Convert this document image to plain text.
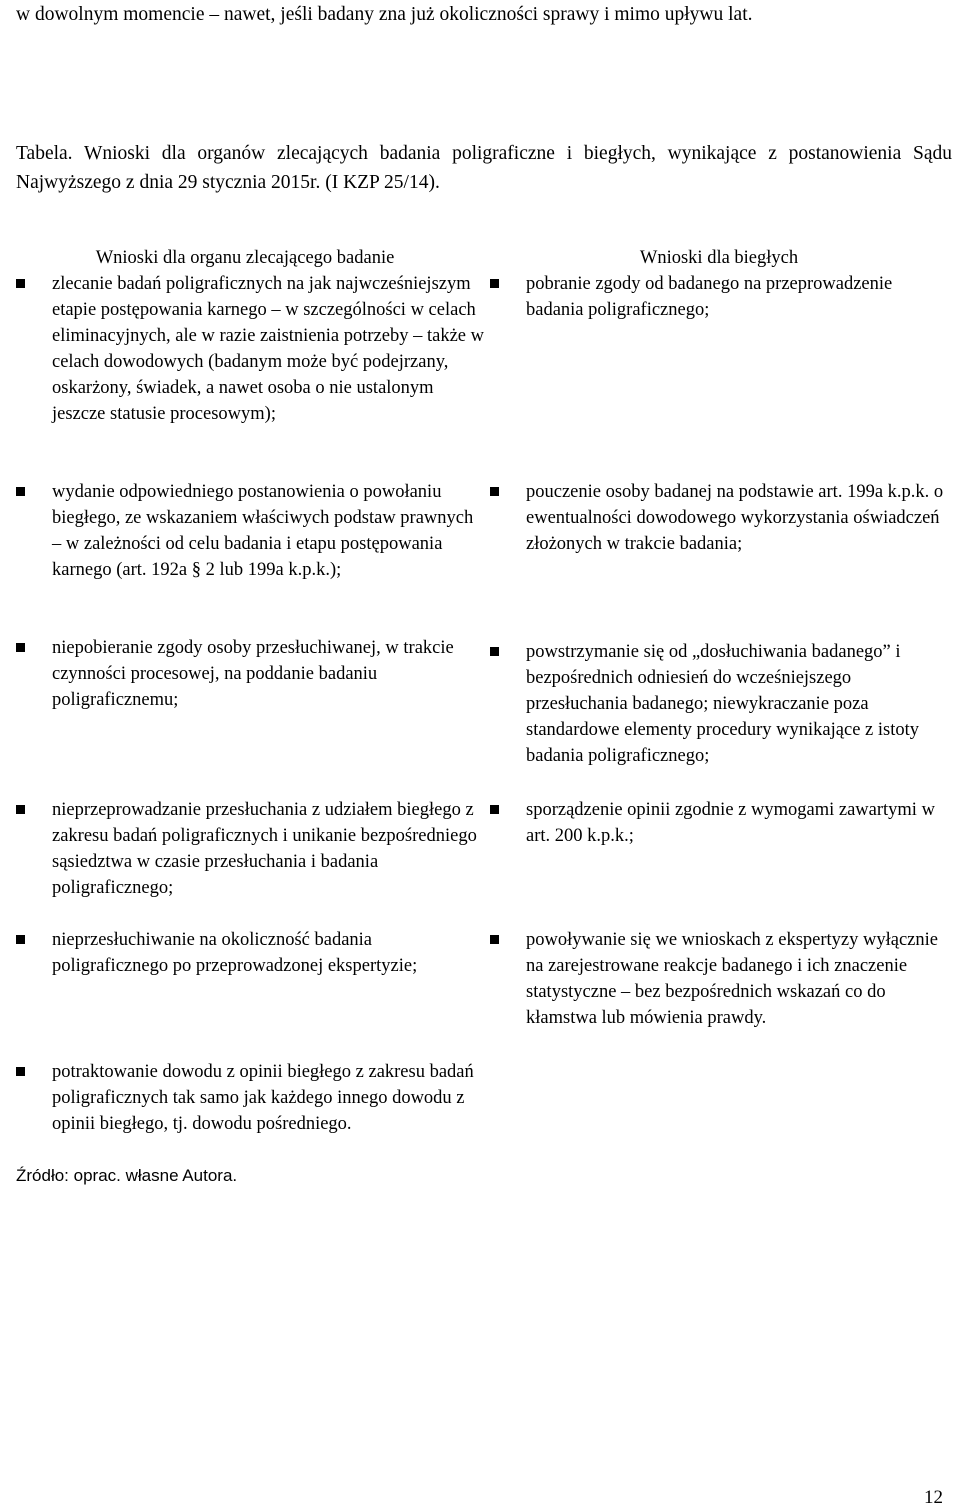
w dowolnym momencie – nawet, jeśli badany zna już okoliczności sprawy i mimo upływu lat.

Tabela. Wnioski dla organów zlecających badania poligraficzne i biegłych, wynikające z postanowienia Sądu Najwyższego z dnia 29 stycznia 2015r. (I KZP 25/14).

Wnioski dla organu zlecającego badanie	Wnioski dla biegłych
zlecanie badań poligraficznych na jak najwcześniejszym etapie postępowania karnego – w szczególności w celach eliminacyjnych, ale w razie zaistnienia potrzeby – także w celach dowodowych (badanym może być podejrzany, oskarżony, świadek, a nawet osoba o nie ustalonym jeszcze statusie procesowym);
wydanie odpowiedniego postanowienia o powołaniu biegłego, ze wskazaniem właściwych podstaw prawnych – w zależności od celu badania i etapu postępowania karnego (art. 192a § 2 lub 199a k.p.k.);
niepobieranie zgody osoby przesłuchiwanej, w trakcie czynności procesowej, na poddanie badaniu poligraficznemu;
nieprzeprowadzanie przesłuchania z udziałem biegłego z zakresu badań poligraficznych i unikanie bezpośredniego sąsiedztwa w czasie przesłuchania i badania poligraficznego;
nieprzesłuchiwanie na okoliczność badania poligraficznego po przeprowadzonej ekspertyzie;
potraktowanie dowodu z opinii biegłego z zakresu badań poligraficznych tak samo jak każdego innego dowodu z opinii biegłego, tj. dowodu pośredniego.
pobranie zgody od badanego na przeprowadzenie badania poligraficznego;
pouczenie osoby badanej na podstawie art. 199a k.p.k. o ewentualności dowodowego wykorzystania oświadczeń złożonych w trakcie badania;
powstrzymanie się od „dosłuchiwania badanego” i bezpośrednich odniesień do wcześniejszego przesłuchania badanego; niewykraczanie poza standardowe elementy procedury wynikające z istoty badania poligraficznego;
sporządzenie opinii zgodnie z wymogami zawartymi w art. 200 k.p.k.;
powoływanie się we wnioskach z ekspertyzy wyłącznie na zarejestrowane reakcje badanego i ich znaczenie statystyczne – bez bezpośrednich wskazań co do kłamstwa lub mówienia prawdy.
Źródło: oprac. własne Autora.
12
